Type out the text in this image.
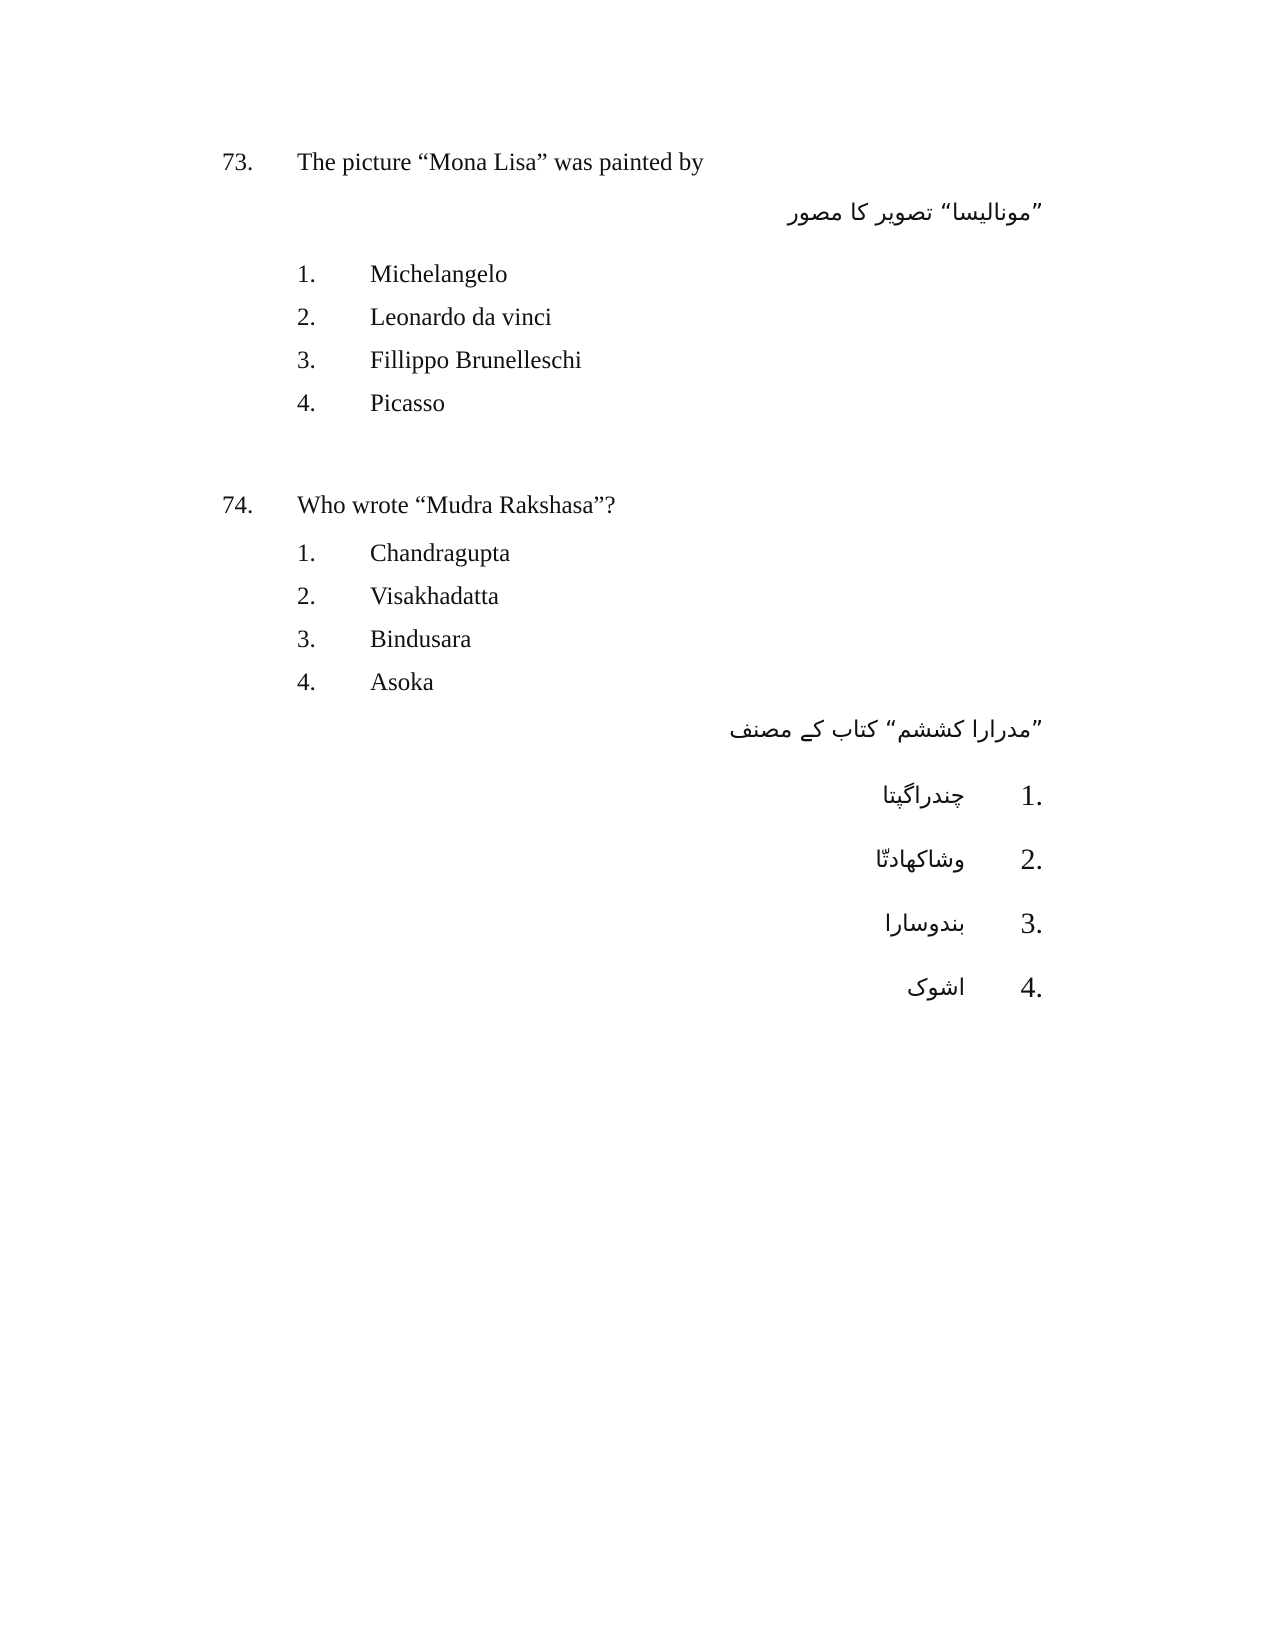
73. The picture “Mona Lisa” was painted by
”مونالیسا“ تصویر کا مصور
1. Michelangelo
2. Leonardo da vinci
3. Fillippo Brunelleschi
4. Picasso
74. Who wrote “Mudra Rakshasa”?
1. Chandragupta
2. Visakhadatta
3. Bindusara
4. Asoka
”مدرارا کششم“ کتاب کے مصنف
1.
چندراگپتا
2.
وشاکھادتّا
3.
بندوسارا
4.
اشوک
